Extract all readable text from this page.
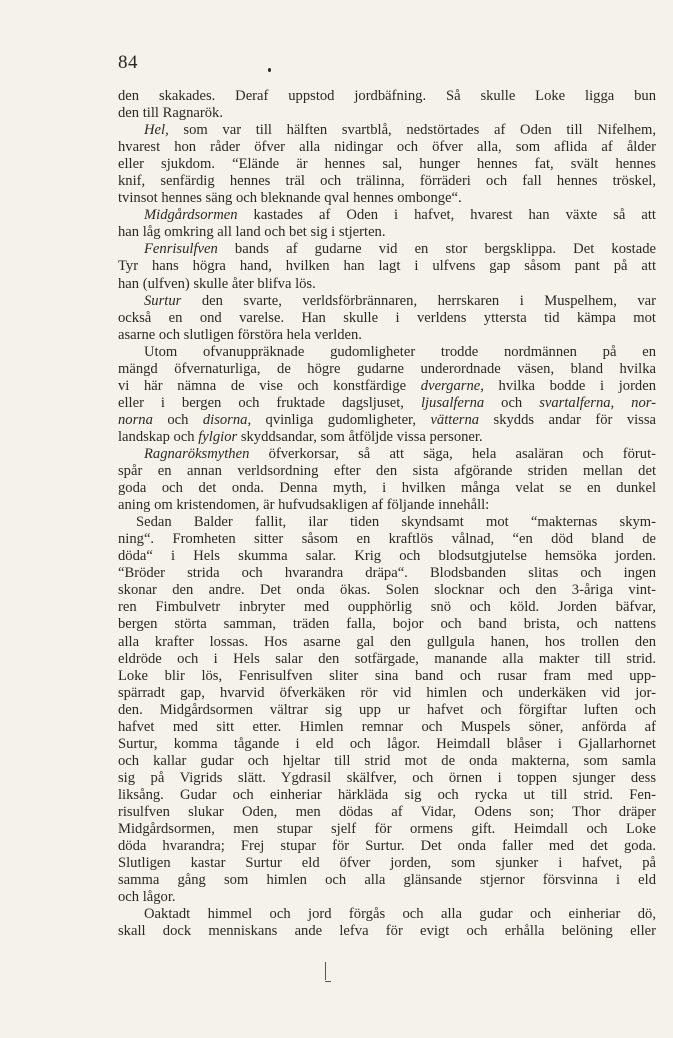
84
den skakades. Deraf uppstod jordbäfning. Så skulle Loke ligga bun
den till Ragnarök.
Hel, som var till hälften svartblå, nedstörtades af Oden till Nifelhem,
hvarest hon råder öfver alla nidingar och öfver alla, som aflida af ålder
eller sjukdom. “Elände är hennes sal, hunger hennes fat, svält hennes
knif, senfärdig hennes träl och trälinna, förräderi och fall hennes tröskel,
tvinsot hennes säng och bleknande qval hennes ombonge“.
Midgårdsormen kastades af Oden i hafvet, hvarest han växte så att
han låg omkring all land och bet sig i stjerten.
Fenrisulfven bands af gudarne vid en stor bergsklippa. Det kostade
Tyr hans högra hand, hvilken han lagt i ulfvens gap såsom pant på att
han (ulfven) skulle åter blifva lös.
Surtur den svarte, verldsförbrännaren, herrskaren i Muspelhem, var
också en ond varelse. Han skulle i verldens yttersta tid kämpa mot
asarne och slutligen förstöra hela verlden.
Utom ofvanuppräknade gudomligheter trodde nordmännen på en
mängd öfvernaturliga, de högre gudarne underordnade väsen, bland hvilka
vi här nämna de vise och konstfärdige dvergarne, hvilka bodde i jorden
eller i bergen och fruktade dagsljuset, ljusalferna och svartalferna, nor-
norna och disorna, qvinliga gudomligheter, vätterna skydds andar för vissa
landskap och fylgior skyddsandar, som åtföljde vissa personer.
Ragnaröksmythen öfverkorsar, så att säga, hela asaläran och förut-
spår en annan verldsordning efter den sista afgörande striden mellan det
goda och det onda. Denna myth, i hvilken många velat se en dunkel
aning om kristendomen, är hufvudsakligen af följande innehåll:
Sedan Balder fallit, ilar tiden skyndsamt mot “makternas skym-
ning“. Fromheten sitter såsom en kraftlös vålnad, “en död bland de
döda“ i Hels skumma salar. Krig och blodsutgjutelse hemsöka jorden.
“Bröder strida och hvarandra dräpa“. Blodsbanden slitas och ingen
skonar den andre. Det onda ökas. Solen slocknar och den 3-åriga vint-
ren Fimbulvetr inbryter med oupphörlig snö och köld. Jorden bäfvar,
bergen störta samman, träden falla, bojor och band brista, och nattens
alla krafter lossas. Hos asarne gal den gullgula hanen, hos trollen den
eldröde och i Hels salar den sotfärgade, manande alla makter till strid.
Loke blir lös, Fenrisulfven sliter sina band och rusar fram med upp-
spärradt gap, hvarvid öfverkäken rör vid himlen och underkäken vid jor-
den. Midgårdsormen vältrar sig upp ur hafvet och förgiftar luften och
hafvet med sitt etter. Himlen remnar och Muspels söner, anförda af
Surtur, komma tågande i eld och lågor. Heimdall blåser i Gjallarhornet
och kallar gudar och hjeltar till strid mot de onda makterna, som samla
sig på Vigrids slätt. Ygdrasil skälfver, och örnen i toppen sjunger dess
liksång. Gudar och einheriar härkläda sig och rycka ut till strid. Fen-
risulfven slukar Oden, men dödas af Vidar, Odens son; Thor dräper
Midgårdsormen, men stupar sjelf för ormens gift. Heimdall och Loke
döda hvarandra; Frej stupar för Surtur. Det onda faller med det goda.
Slutligen kastar Surtur eld öfver jorden, som sjunker i hafvet, på
samma gång som himlen och alla glänsande stjernor försvinna i eld
och lågor.
Oaktadt himmel och jord förgås och alla gudar och einheriar dö,
skall dock menniskans ande lefva för evigt och erhålla belöning eller
